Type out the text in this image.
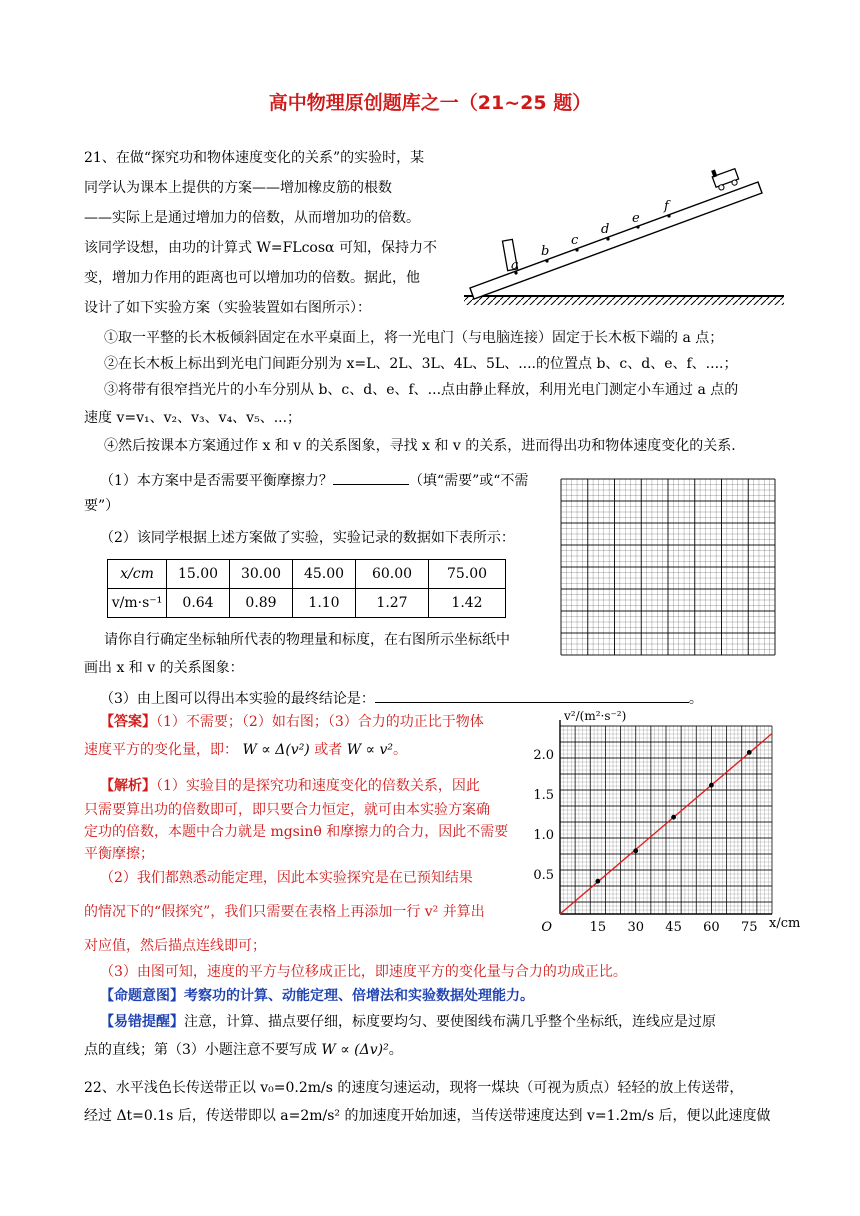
高中物理原创题库之一（21~25 题）
21、在做“探究功和物体速度变化的关系”的实验时，某
同学认为课本上提供的方案——增加橡皮筋的根数
——实际上是通过增加力的倍数，从而增加功的倍数。
该同学设想，由功的计算式 W=FLcosα 可知，保持力不
变，增加力作用的距离也可以增加功的倍数。据此，他
设计了如下实验方案（实验装置如右图所示）：
a
b
c
d
e
f
①取一平整的长木板倾斜固定在水平桌面上，将一光电门（与电脑连接）固定于长木板下端的 a 点；
②在长木板上标出到光电门间距分别为 x=L、2L、3L、4L、5L、....的位置点 b、c、d、e、f、....；
③将带有很窄挡光片的小车分别从 b、c、d、e、f、...点由静止释放，利用光电门测定小车通过 a 点的
速度 v=v₁、v₂、v₃、v₄、v₅、...；
④然后按课本方案通过作 x 和 v 的关系图象，寻找 x 和 v 的关系，进而得出功和物体速度变化的关系.
（1）本方案中是否需要平衡摩擦力？	（填“需要”或“不需
要”）
（2）该同学根据上述方案做了实验，实验记录的数据如下表所示：
x/cm	15.00	30.00	45.00	60.00	75.00
v/m·s⁻¹	0.64	0.89	1.10	1.27	1.42
请你自行确定坐标轴所代表的物理量和标度，在右图所示坐标纸中
画出 x 和 v 的关系图象：
（3）由上图可以得出本实验的最终结论是：	。
【答案】（1）不需要；（2）如右图；（3）合力的功正比于物体
速度平方的变化量，即： W ∝ Δ(v²) 或者 W ∝ v²。
【解析】（1）实验目的是探究功和速度变化的倍数关系，因此
只需要算出功的倍数即可，即只要合力恒定，就可由本实验方案确
定功的倍数，本题中合力就是 mgsinθ 和摩擦力的合力，因此不需要
平衡摩擦；
（2）我们都熟悉动能定理，因此本实验探究是在已预知结果
的情况下的“假探究”，我们只需要在表格上再添加一行 v² 并算出
对应值，然后描点连线即可；
（3）由图可知，速度的平方与位移成正比，即速度平方的变化量与合力的功成正比。
【命题意图】考察功的计算、动能定理、倍增法和实验数据处理能力。
【易错提醒】注意，计算、描点要仔细，标度要均匀、要使图线布满几乎整个坐标纸，连线应是过原
点的直线；第（3）小题注意不要写成 W ∝ (Δv)²。
22、水平浅色长传送带正以 v₀=0.2m/s 的速度匀速运动，现将一煤块（可视为质点）轻轻的放上传送带，
经过 Δt=0.1s 后，传送带即以 a=2m/s² 的加速度开始加速，当传送带速度达到 v=1.2m/s 后，便以此速度做
15 30 45 60 75
0.5
1.0
1.5
2.0
O	x/cm
v²/(m²·s⁻²)
